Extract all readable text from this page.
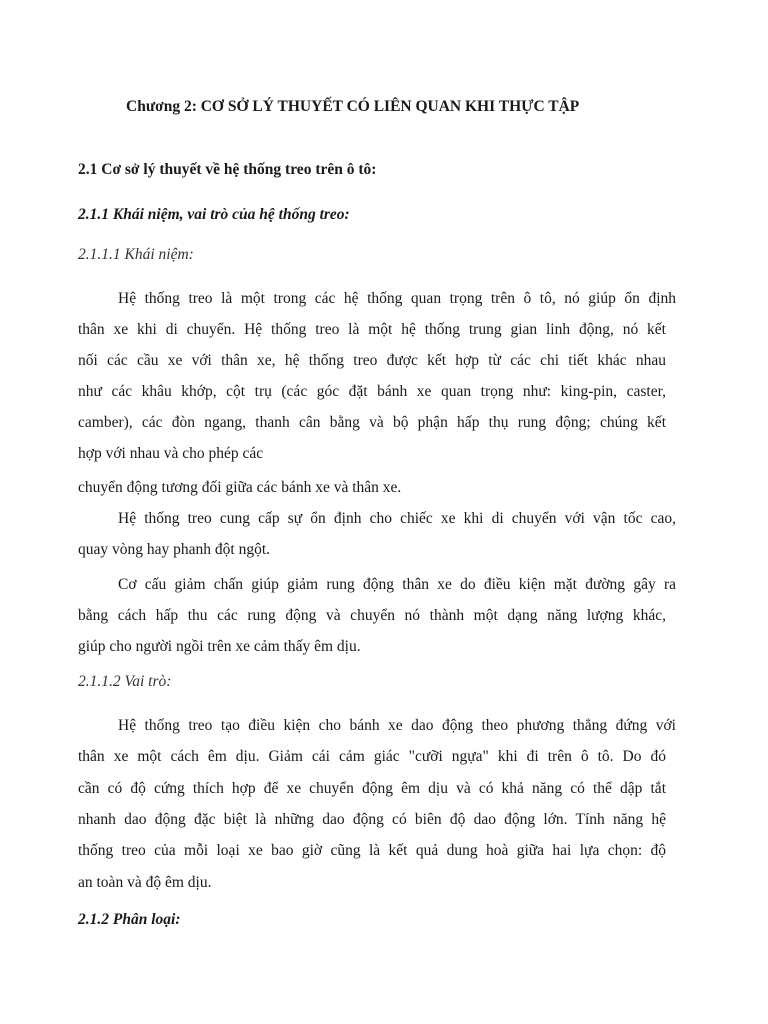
Chương 2: CƠ SỞ LÝ THUYẾT CÓ LIÊN QUAN KHI THỰC TẬP

2.1 Cơ sở lý thuyết về hệ thống treo trên ô tô:

2.1.1 Khái niệm, vai trò của hệ thống treo:

2.1.1.1 Khái niệm:

Hệ thống treo là một trong các hệ thống quan trọng trên ô tô, nó giúp ổn định

thân xe khi di chuyển. Hệ thống treo là một hệ thống trung gian linh động, nó kết

nối các cầu xe với thân xe, hệ thống treo được kết hợp từ các chi tiết khác nhau

như các khâu khớp, cột trụ (các góc đặt bánh xe quan trọng như: king-pin, caster,

camber), các đòn ngang, thanh cân bằng và bộ phận hấp thụ rung động; chúng kết

hợp với nhau và cho phép các

chuyển động tương đối giữa các bánh xe và thân xe.

Hệ thống treo cung cấp sự ổn định cho chiếc xe khi di chuyển với vận tốc cao,

quay vòng hay phanh đột ngột.

Cơ cấu giảm chấn giúp giảm rung động thân xe do điều kiện mặt đường gây ra

bằng cách hấp thu các rung động và chuyển nó thành một dạng năng lượng khác,

giúp cho người ngồi trên xe cảm thấy êm dịu.

2.1.1.2 Vai trò:

Hệ thống treo tạo điều kiện cho bánh xe dao động theo phương thẳng đứng với

thân xe một cách êm dịu. Giảm cái cảm giác "cưỡi ngựa" khi đi trên ô tô. Do đó

cần có độ cứng thích hợp để xe chuyển động êm dịu và có khả năng có thể dập tắt

nhanh dao động đặc biệt là những dao động có biên độ dao động lớn. Tính năng hệ

thống treo của mỗi loại xe bao giờ cũng là kết quả dung hoà giữa hai lựa chọn: độ

an toàn và độ êm dịu.

2.1.2 Phân loại:
